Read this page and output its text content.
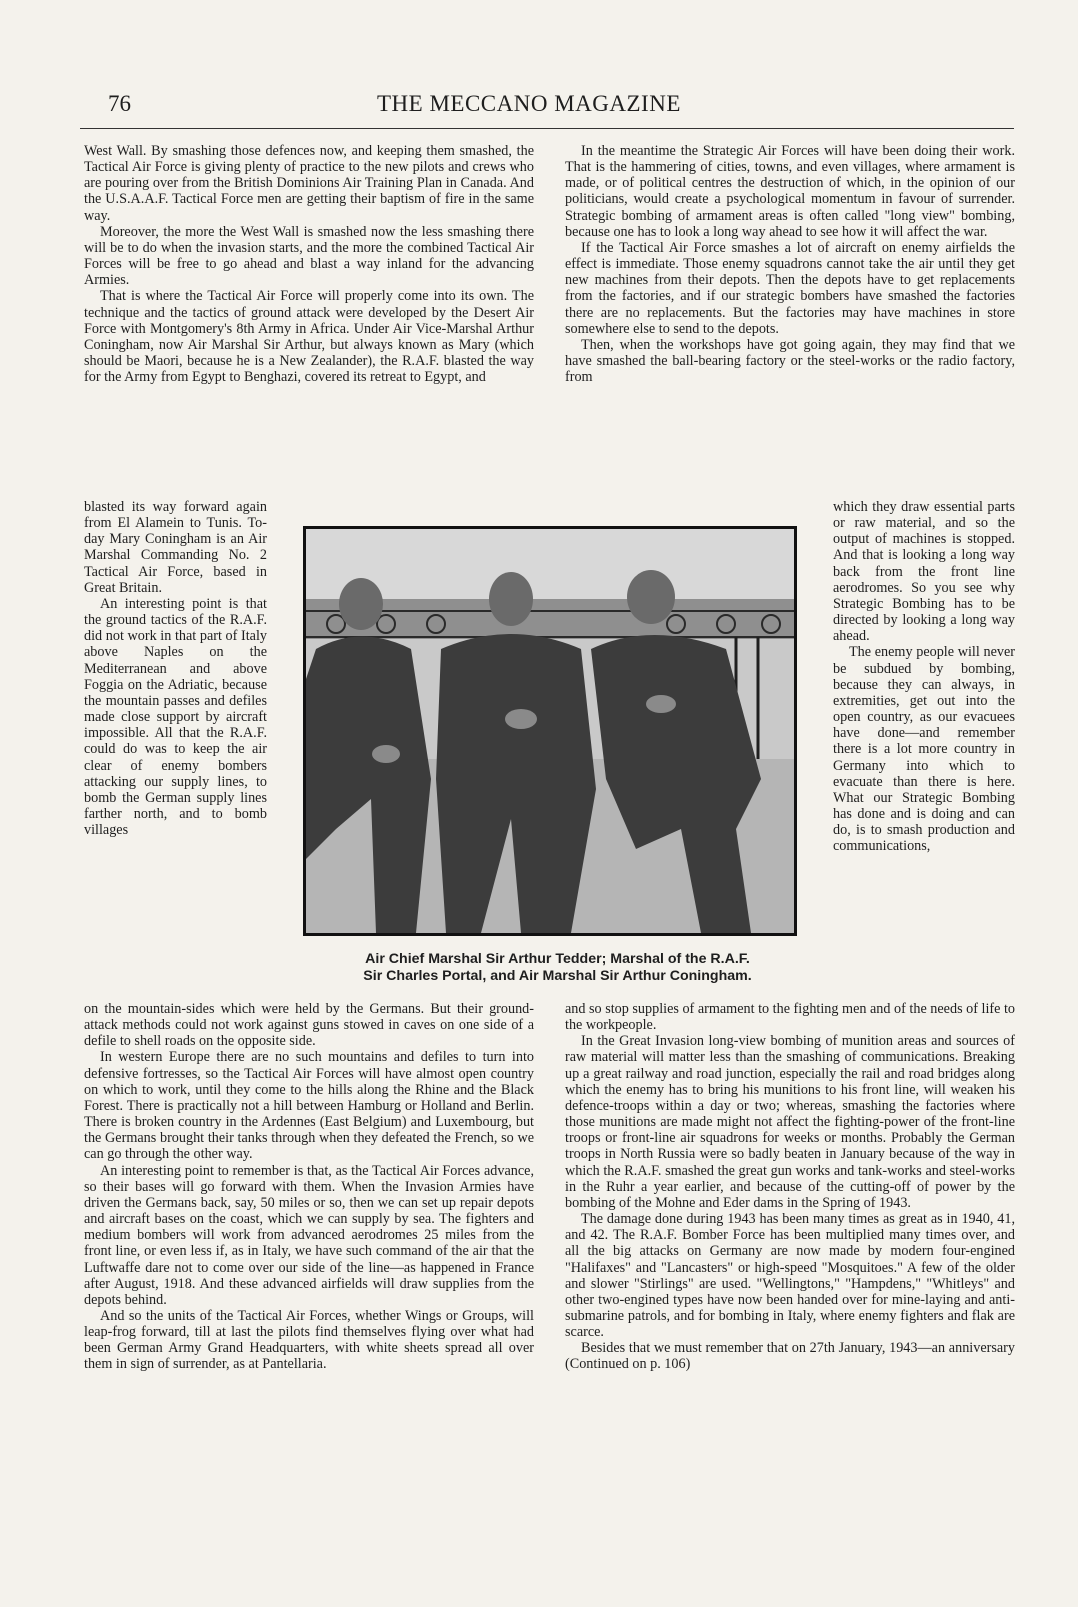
76	THE MECCANO MAGAZINE

West Wall. By smashing those defences now, and keeping them smashed, the Tactical Air Force is giving plenty of practice to the new pilots and crews who are pouring over from the British Dominions Air Training Plan in Canada. And the U.S.A.A.F. Tactical Force men are getting their baptism of fire in the same way.

Moreover, the more the West Wall is smashed now the less smashing there will be to do when the invasion starts, and the more the combined Tactical Air Forces will be free to go ahead and blast a way inland for the advancing Armies.

That is where the Tactical Air Force will properly come into its own. The technique and the tactics of ground attack were developed by the Desert Air Force with Montgomery's 8th Army in Africa. Under Air Vice-Marshal Arthur Coningham, now Air Marshal Sir Arthur, but always known as Mary (which should be Maori, because he is a New Zealander), the R.A.F. blasted the way for the Army from Egypt to Benghazi, covered its retreat to Egypt, and

blasted its way forward again from El Alamein to Tunis. To-day Mary Coningham is an Air Marshal Commanding No. 2 Tactical Air Force, based in Great Britain.

An interesting point is that the ground tactics of the R.A.F. did not work in that part of Italy above Naples on the Mediterranean and above Foggia on the Adriatic, because the mountain passes and defiles made close support by aircraft impossible. All that the R.A.F. could do was to keep the air clear of enemy bombers attacking our supply lines, to bomb the German supply lines farther north, and to bomb villages

on the mountain-sides which were held by the Germans. But their ground-attack methods could not work against guns stowed in caves on one side of a defile to shell roads on the opposite side.

In western Europe there are no such mountains and defiles to turn into defensive fortresses, so the Tactical Air Forces will have almost open country on which to work, until they come to the hills along the Rhine and the Black Forest. There is practically not a hill between Hamburg or Holland and Berlin. There is broken country in the Ardennes (East Belgium) and Luxembourg, but the Germans brought their tanks through when they defeated the French, so we can go through the other way.

An interesting point to remember is that, as the Tactical Air Forces advance, so their bases will go forward with them. When the Invasion Armies have driven the Germans back, say, 50 miles or so, then we can set up repair depots and aircraft bases on the coast, which we can supply by sea. The fighters and medium bombers will work from advanced aerodromes 25 miles from the front line, or even less if, as in Italy, we have such command of the air that the Luftwaffe dare not to come over our side of the line—as happened in France after August, 1918. And these advanced airfields will draw supplies from the depots behind.

And so the units of the Tactical Air Forces, whether Wings or Groups, will leap-frog forward, till at last the pilots find themselves flying over what had been German Army Grand Headquarters, with white sheets spread all over them in sign of surrender, as at Pantellaria.

In the meantime the Strategic Air Forces will have been doing their work. That is the hammering of cities, towns, and even villages, where armament is made, or of political centres the destruction of which, in the opinion of our politicians, would create a psychological momentum in favour of surrender. Strategic bombing of armament areas is often called "long view" bombing, because one has to look a long way ahead to see how it will affect the war.

If the Tactical Air Force smashes a lot of aircraft on enemy airfields the effect is immediate. Those enemy squadrons cannot take the air until they get new machines from their depots. Then the depots have to get replacements from the factories, and if our strategic bombers have smashed the factories there are no replacements. But the factories may have machines in store somewhere else to send to the depots.

Then, when the workshops have got going again, they may find that we have smashed the ball-bearing factory or the steel-works or the radio factory, from

which they draw essential parts or raw material, and so the output of machines is stopped. And that is looking a long way back from the front line aerodromes. So you see why Strategic Bombing has to be directed by looking a long way ahead.

The enemy people will never be subdued by bombing, because they can always, in extremities, get out into the open country, as our evacuees have done—and remember there is a lot more country in Germany into which to evacuate than there is here. What our Strategic Bombing has done and is doing and can do, is to smash production and communications,

and so stop supplies of armament to the fighting men and of the needs of life to the workpeople.

In the Great Invasion long-view bombing of munition areas and sources of raw material will matter less than the smashing of communications. Breaking up a great railway and road junction, especially the rail and road bridges along which the enemy has to bring his munitions to his front line, will weaken his defence-troops within a day or two; whereas, smashing the factories where those munitions are made might not affect the fighting-power of the front-line troops or front-line air squadrons for weeks or months. Probably the German troops in North Russia were so badly beaten in January because of the way in which the R.A.F. smashed the great gun works and tank-works and steel-works in the Ruhr a year earlier, and because of the cutting-off of power by the bombing of the Mohne and Eder dams in the Spring of 1943.

The damage done during 1943 has been many times as great as in 1940, 41, and 42. The R.A.F. Bomber Force has been multiplied many times over, and all the big attacks on Germany are now made by modern four-engined "Halifaxes" and "Lancasters" or high-speed "Mosquitoes." A few of the older and slower "Stirlings" are used. "Wellingtons," "Hampdens," "Whitleys" and other two-engined types have now been handed over for mine-laying and anti-submarine patrols, and for bombing in Italy, where enemy fighters and flak are scarce.

Besides that we must remember that on 27th January, 1943—an anniversary (Continued on p. 106)

Air Chief Marshal Sir Arthur Tedder; Marshal of the R.A.F.
Sir Charles Portal, and Air Marshal Sir Arthur Coningham.
